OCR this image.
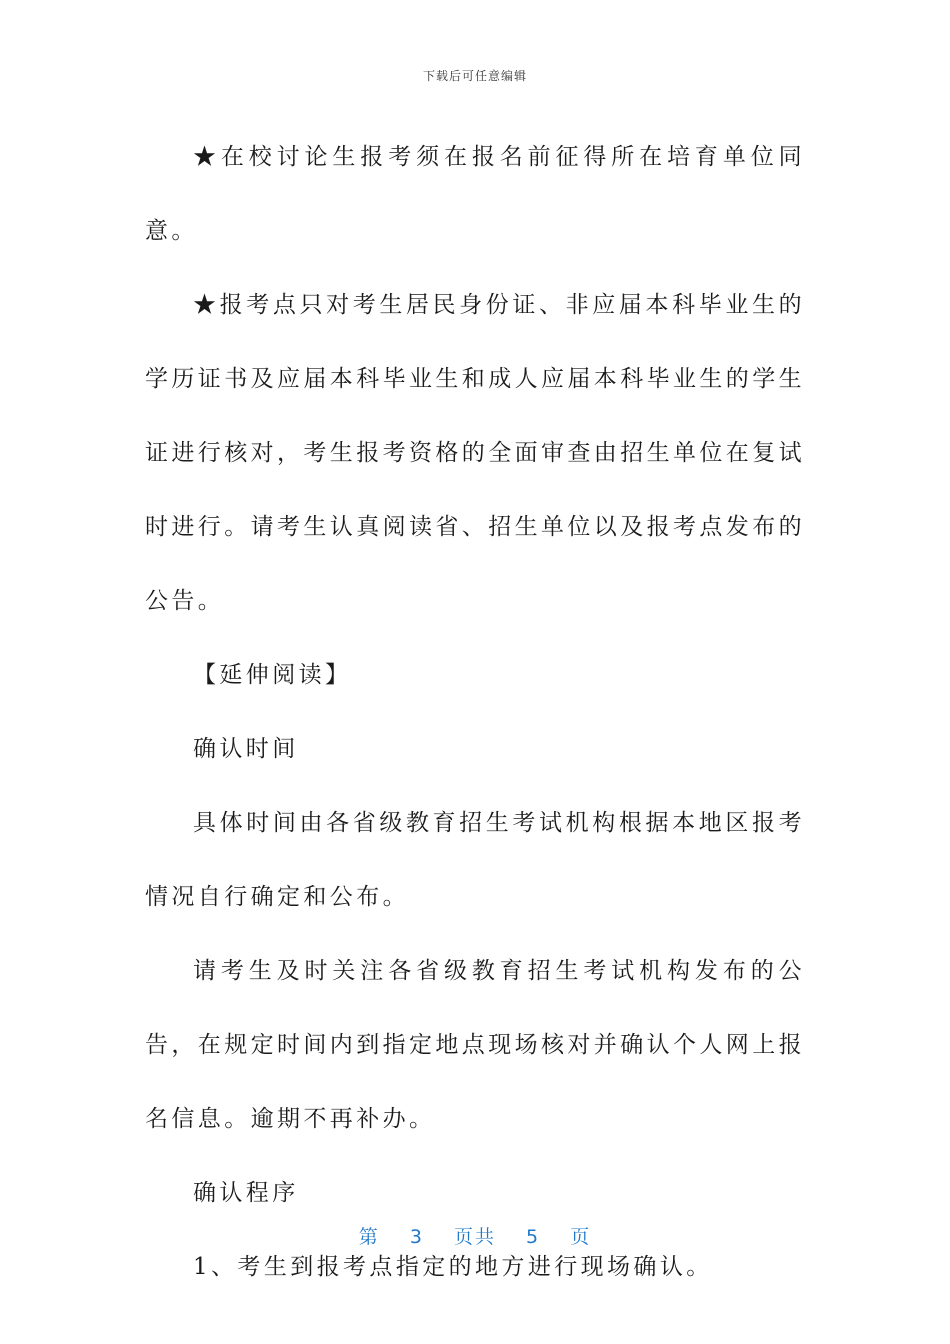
下载后可任意编辑

★在校讨论生报考须在报名前征得所在培育单位同意。

★报考点只对考生居民身份证、非应届本科毕业生的学历证书及应届本科毕业生和成人应届本科毕业生的学生证进行核对，考生报考资格的全面审查由招生单位在复试时进行。请考生认真阅读省、招生单位以及报考点发布的公告。

【延伸阅读】

确认时间

具体时间由各省级教育招生考试机构根据本地区报考情况自行确定和公布。

请考生及时关注各省级教育招生考试机构发布的公告，在规定时间内到指定地点现场核对并确认个人网上报名信息。逾期不再补办。

确认程序

1、考生到报考点指定的地方进行现场确认。

第 3 页共 5 页
